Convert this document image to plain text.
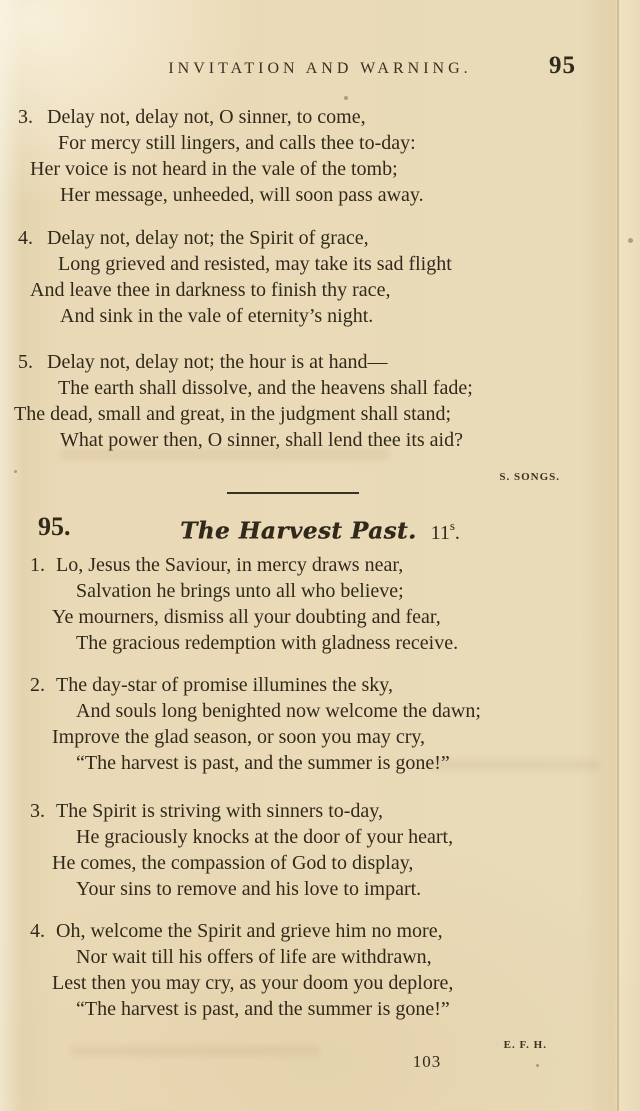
INVITATION AND WARNING.	95
3. Delay not, delay not, O sinner, to come,
For mercy still lingers, and calls thee to-day:
Her voice is not heard in the vale of the tomb;
Her message, unheeded, will soon pass away.
4. Delay not, delay not; the Spirit of grace,
Long grieved and resisted, may take its sad flight
And leave thee in darkness to finish thy race,
And sink in the vale of eternity’s night.
5. Delay not, delay not; the hour is at hand—
The earth shall dissolve, and the heavens shall fade;
The dead, small and great, in the judgment shall stand;
What power then, O sinner, shall lend thee its aid?
S. SONGS.
95.	The Harvest Past. 11$^s$.
1. Lo, Jesus the Saviour, in mercy draws near,
Salvation he brings unto all who believe;
Ye mourners, dismiss all your doubting and fear,
The gracious redemption with gladness receive.
2. The day-star of promise illumines the sky,
And souls long benighted now welcome the dawn;
Improve the glad season, or soon you may cry,
“The harvest is past, and the summer is gone!”
3. The Spirit is striving with sinners to-day,
He graciously knocks at the door of your heart,
He comes, the compassion of God to display,
Your sins to remove and his love to impart.
4. Oh, welcome the Spirit and grieve him no more,
Nor wait till his offers of life are withdrawn,
Lest then you may cry, as your doom you deplore,
“The harvest is past, and the summer is gone!”
E. F. H.
103
